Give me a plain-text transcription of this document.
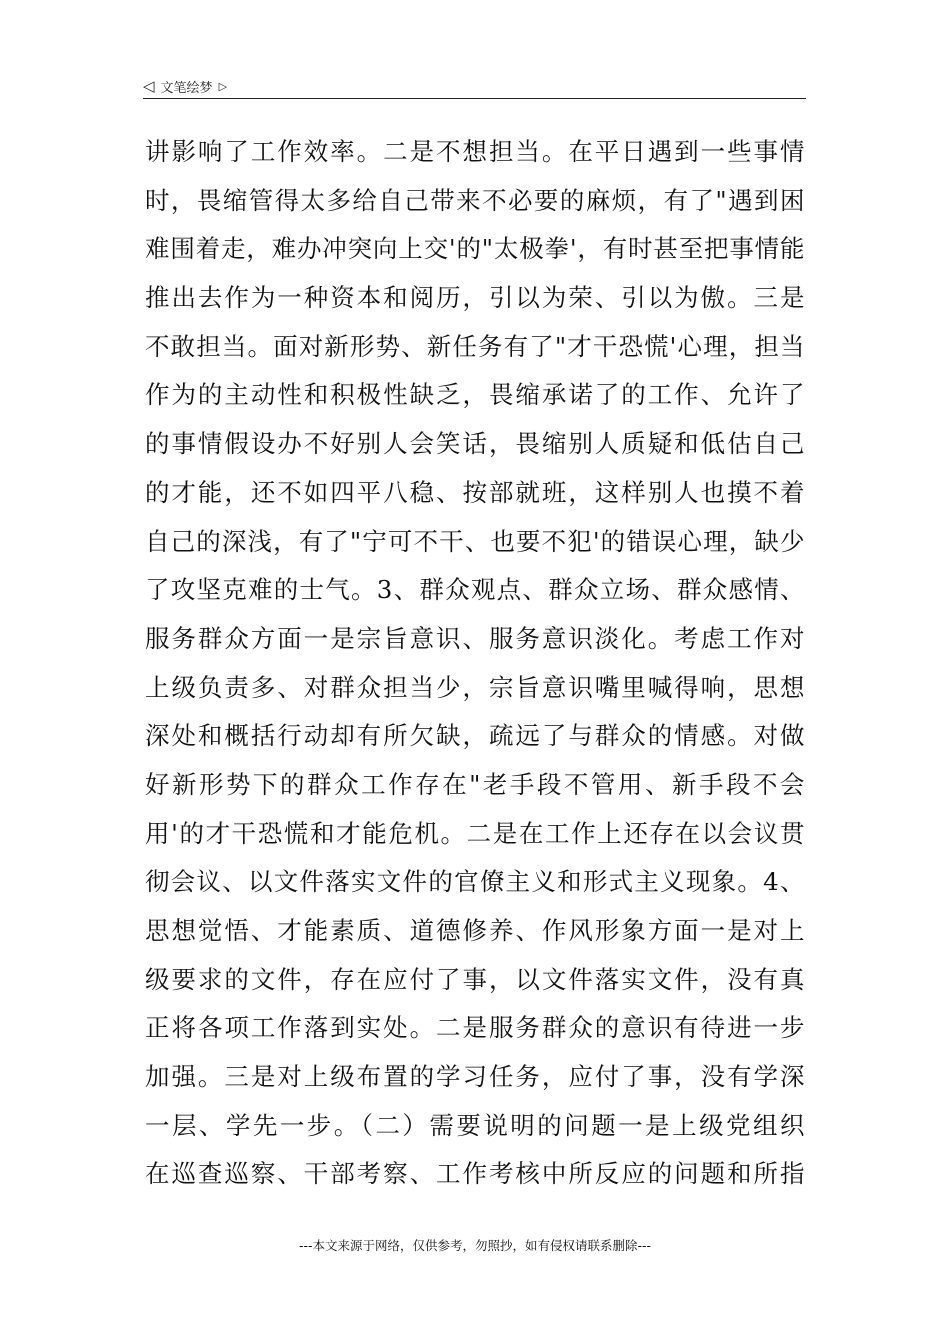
◁ 文笔绘梦 ▷
讲影响了工作效率。二是不想担当。在平日遇到一些事情
时，畏缩管得太多给自己带来不必要的麻烦，有了"遇到困
难围着走，难办冲突向上交'的"太极拳'，有时甚至把事情能
推出去作为一种资本和阅历，引以为荣、引以为傲。三是
不敢担当。面对新形势、新任务有了"才干恐慌'心理，担当
作为的主动性和积极性缺乏，畏缩承诺了的工作、允许了
的事情假设办不好别人会笑话，畏缩别人质疑和低估自己
的才能，还不如四平八稳、按部就班，这样别人也摸不着
自己的深浅，有了"宁可不干、也要不犯'的错误心理，缺少
了攻坚克难的士气。3、群众观点、群众立场、群众感情、
服务群众方面一是宗旨意识、服务意识淡化。考虑工作对
上级负责多、对群众担当少，宗旨意识嘴里喊得响，思想
深处和概括行动却有所欠缺，疏远了与群众的情感。对做
好新形势下的群众工作存在"老手段不管用、新手段不会
用'的才干恐慌和才能危机。二是在工作上还存在以会议贯
彻会议、以文件落实文件的官僚主义和形式主义现象。4、
思想觉悟、才能素质、道德修养、作风形象方面一是对上
级要求的文件，存在应付了事，以文件落实文件，没有真
正将各项工作落到实处。二是服务群众的意识有待进一步
加强。三是对上级布置的学习任务，应付了事，没有学深
一层、学先一步。（二）需要说明的问题一是上级党组织
在巡查巡察、干部考察、工作考核中所反应的问题和所指
---本文来源于网络，仅供参考，勿照抄，如有侵权请联系删除---
